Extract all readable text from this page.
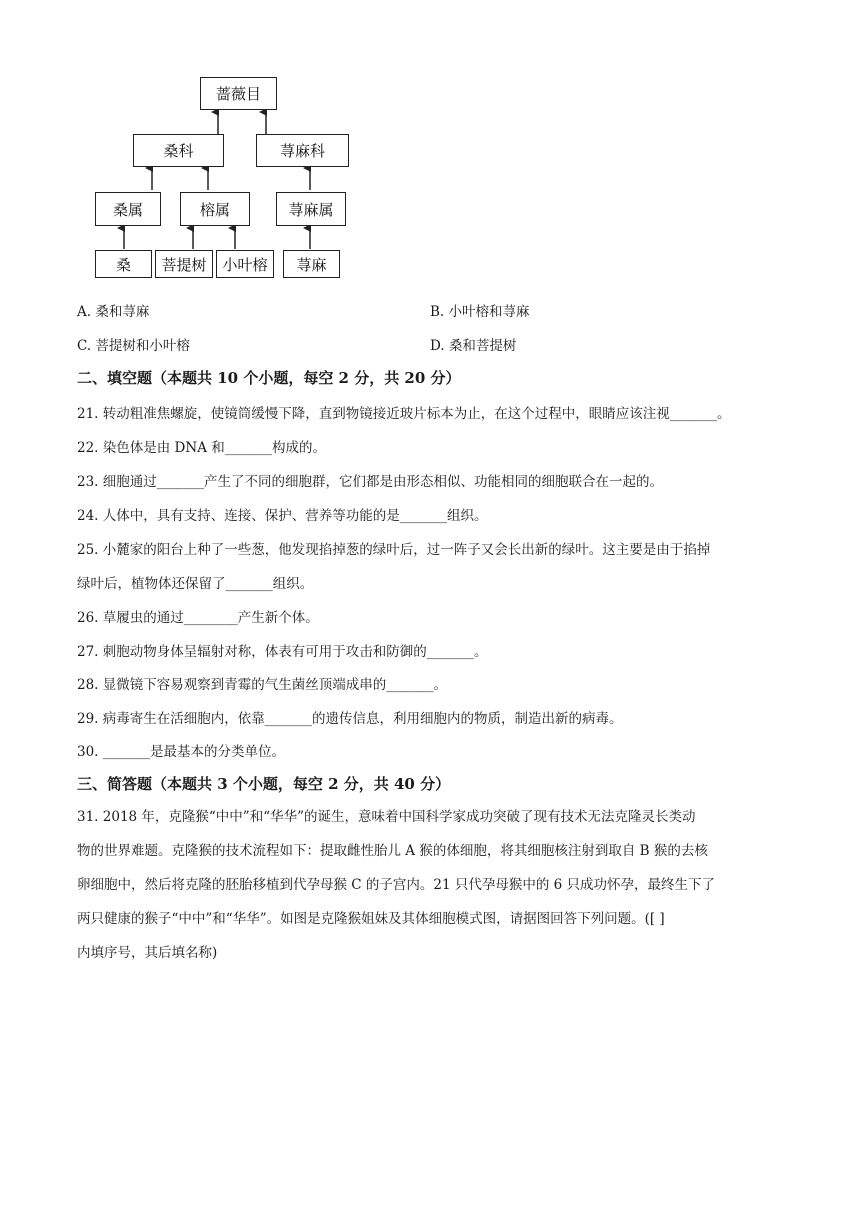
蔷薇目
桑科	荨麻科
桑属	榕属	荨麻属
桑	菩提树	小叶榕	荨麻
A. 桑和荨麻	B. 小叶榕和荨麻
C. 菩提树和小叶榕	D. 桑和菩提树
二、填空题（本题共 10 个小题，每空 2 分，共 20 分）
21. 转动粗准焦螺旋，使镜筒缓慢下降，直到物镜接近玻片标本为止，在这个过程中，眼睛应该注视_______。
22. 染色体是由 DNA 和_______构成的。
23. 细胞通过_______产生了不同的细胞群，它们都是由形态相似、功能相同的细胞联合在一起的。
24. 人体中，具有支持、连接、保护、营养等功能的是_______组织。
25. 小麓家的阳台上种了一些葱，他发现掐掉葱的绿叶后，过一阵子又会长出新的绿叶。这主要是由于掐掉
绿叶后，植物体还保留了_______组织。
26. 草履虫的通过________产生新个体。
27. 刺胞动物身体呈辐射对称，体表有可用于攻击和防御的_______。
28. 显微镜下容易观察到青霉的气生菌丝顶端成串的_______。
29. 病毒寄生在活细胞内，依靠_______的遗传信息，利用细胞内的物质，制造出新的病毒。
30. _______是最基本的分类单位。
三、简答题（本题共 3 个小题，每空 2 分，共 40 分）
31. 2018 年，克隆猴“中中”和“华华”的诞生，意味着中国科学家成功突破了现有技术无法克隆灵长类动
物的世界难题。克隆猴的技术流程如下：提取雌性胎儿 A 猴的体细胞，将其细胞核注射到取自 B 猴的去核
卵细胞中，然后将克隆的胚胎移植到代孕母猴 C 的子宫内。21 只代孕母猴中的 6 只成功怀孕，最终生下了
两只健康的猴子“中中”和“华华”。如图是克隆猴姐妹及其体细胞模式图，请据图回答下列问题。([ ]
内填序号，其后填名称)
